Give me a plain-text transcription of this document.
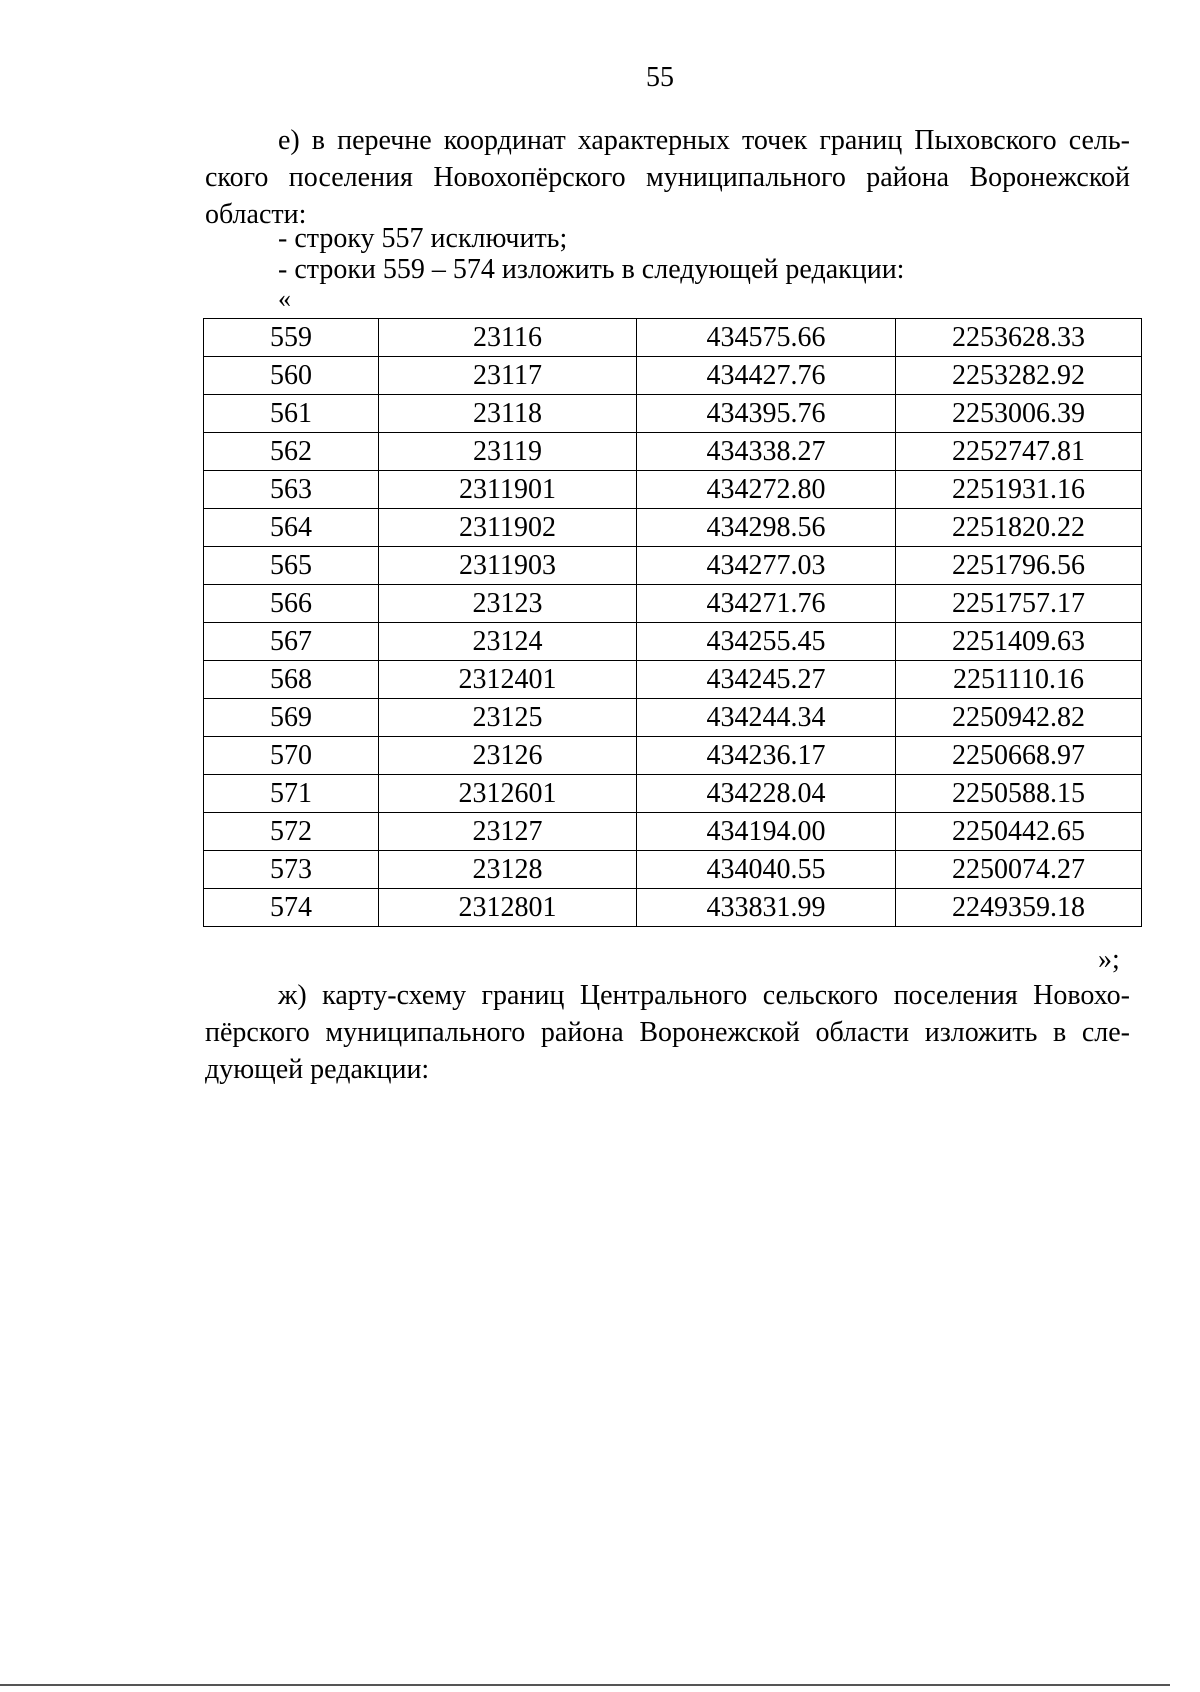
55
е) в перечне координат характерных точек границ Пыховского сель-
ского поселения Новохопёрского муниципального района Воронежской
области:
- строку 557 исключить;
- строки 559 – 574 изложить в следующей редакции:
«
559	23116	434575.66	2253628.33
560	23117	434427.76	2253282.92
561	23118	434395.76	2253006.39
562	23119	434338.27	2252747.81
563	2311901	434272.80	2251931.16
564	2311902	434298.56	2251820.22
565	2311903	434277.03	2251796.56
566	23123	434271.76	2251757.17
567	23124	434255.45	2251409.63
568	2312401	434245.27	2251110.16
569	23125	434244.34	2250942.82
570	23126	434236.17	2250668.97
571	2312601	434228.04	2250588.15
572	23127	434194.00	2250442.65
573	23128	434040.55	2250074.27
574	2312801	433831.99	2249359.18
»;
ж) карту-схему границ Центрального сельского поселения Новохо-
пёрского муниципального района Воронежской области изложить в сле-
дующей редакции:
